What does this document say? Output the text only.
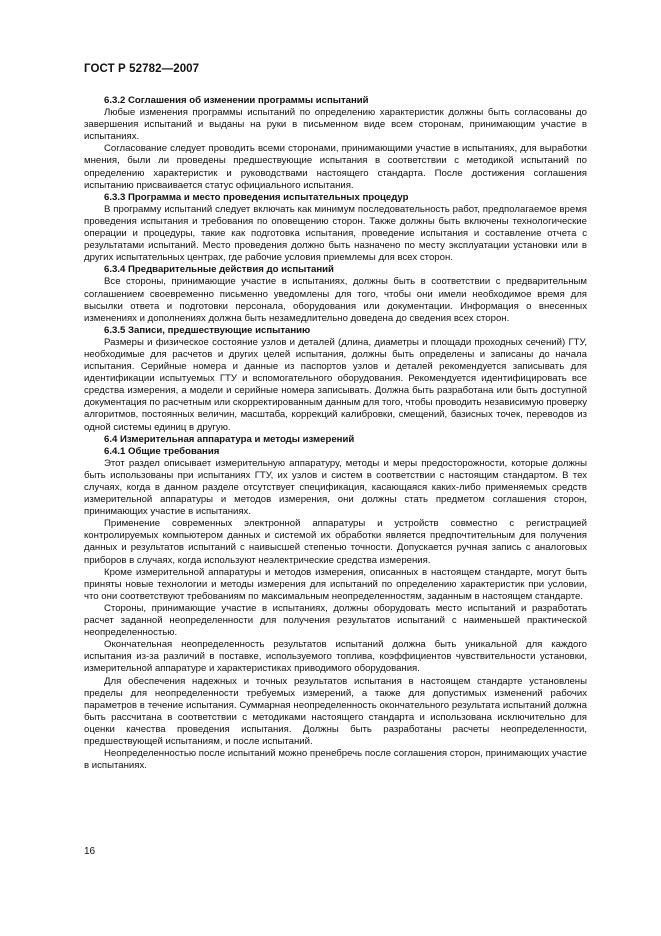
ГОСТ Р 52782—2007
6.3.2 Соглашения об изменении программы испытаний

Любые изменения программы испытаний по определению характеристик должны быть согласованы до завершения испытаний и выданы на руки в письменном виде всем сторонам, принимающим участие в испытаниях.

Согласование следует проводить всеми сторонами, принимающими участие в испытаниях, для выработки мнения, были ли проведены предшествующие испытания в соответствии с методикой испытаний по определению характеристик и руководствами настоящего стандарта. После достижения соглашения испытанию присваивается статус официального испытания.

6.3.3 Программа и место проведения испытательных процедур

В программу испытаний следует включать как минимум последовательность работ, предполагаемое время проведения испытания и требования по оповещению сторон. Также должны быть включены технологические операции и процедуры, такие как подготовка испытания, проведение испытания и составление отчета с результатами испытаний. Место проведения должно быть назначено по месту эксплуатации установки или в других испытательных центрах, где рабочие условия приемлемы для всех сторон.

6.3.4 Предварительные действия до испытаний

Все стороны, принимающие участие в испытаниях, должны быть в соответствии с предварительным соглашением своевременно письменно уведомлены для того, чтобы они имели необходимое время для высылки ответа и подготовки персонала, оборудования или документации. Информация о внесенных изменениях и дополнениях должна быть незамедлительно доведена до сведения всех сторон.

6.3.5 Записи, предшествующие испытанию

Размеры и физическое состояние узлов и деталей (длина, диаметры и площади проходных сечений) ГТУ, необходимые для расчетов и других целей испытания, должны быть определены и записаны до начала испытания. Серийные номера и данные из паспортов узлов и деталей рекомендуется записывать для идентификации испытуемых ГТУ и вспомогательного оборудования. Рекомендуется идентифицировать все средства измерения, а модели и серийные номера записывать. Должна быть разработана или быть доступной документация по расчетным или скорректированным данным для того, чтобы проводить независимую проверку алгоритмов, постоянных величин, масштаба, коррекций калибровки, смещений, базисных точек, переводов из одной системы единиц в другую.

6.4 Измерительная аппаратура и методы измерений
6.4.1 Общие требования

Этот раздел описывает измерительную аппаратуру, методы и меры предосторожности, которые должны быть использованы при испытаниях ГТУ, их узлов и систем в соответствии с настоящим стандартом. В тех случаях, когда в данном разделе отсутствует спецификация, касающаяся каких-либо применяемых средств измерительной аппаратуры и методов измерения, они должны стать предметом соглашения сторон, принимающих участие в испытаниях.

Применение современных электронной аппаратуры и устройств совместно с регистрацией контролируемых компьютером данных и системой их обработки является предпочтительным для получения данных и результатов испытаний с наивысшей степенью точности. Допускается ручная запись с аналоговых приборов в случаях, когда используют неэлектрические средства измерения.

Кроме измерительной аппаратуры и методов измерения, описанных в настоящем стандарте, могут быть приняты новые технологии и методы измерения для испытаний по определению характеристик при условии, что они соответствуют требованиям по максимальным неопределенностям, заданным в настоящем стандарте.

Стороны, принимающие участие в испытаниях, должны оборудовать место испытаний и разработать расчет заданной неопределенности для получения результатов испытаний с наименьшей практической неопределенностью.

Окончательная неопределенность результатов испытаний должна быть уникальной для каждого испытания из-за различий в поставке, используемого топлива, коэффициентов чувствительности установки, измерительной аппаратуре и характеристиках приводимого оборудования.

Для обеспечения надежных и точных результатов испытания в настоящем стандарте установлены пределы для неопределенности требуемых измерений, а также для допустимых изменений рабочих параметров в течение испытания. Суммарная неопределенность окончательного результата испытаний должна быть рассчитана в соответствии с методиками настоящего стандарта и использована исключительно для оценки качества проведения испытания. Должны быть разработаны расчеты неопределенности, предшествующей испытаниям, и после испытаний.

Неопределенностью после испытаний можно пренебречь после соглашения сторон, принимающих участие в испытаниях.

16
